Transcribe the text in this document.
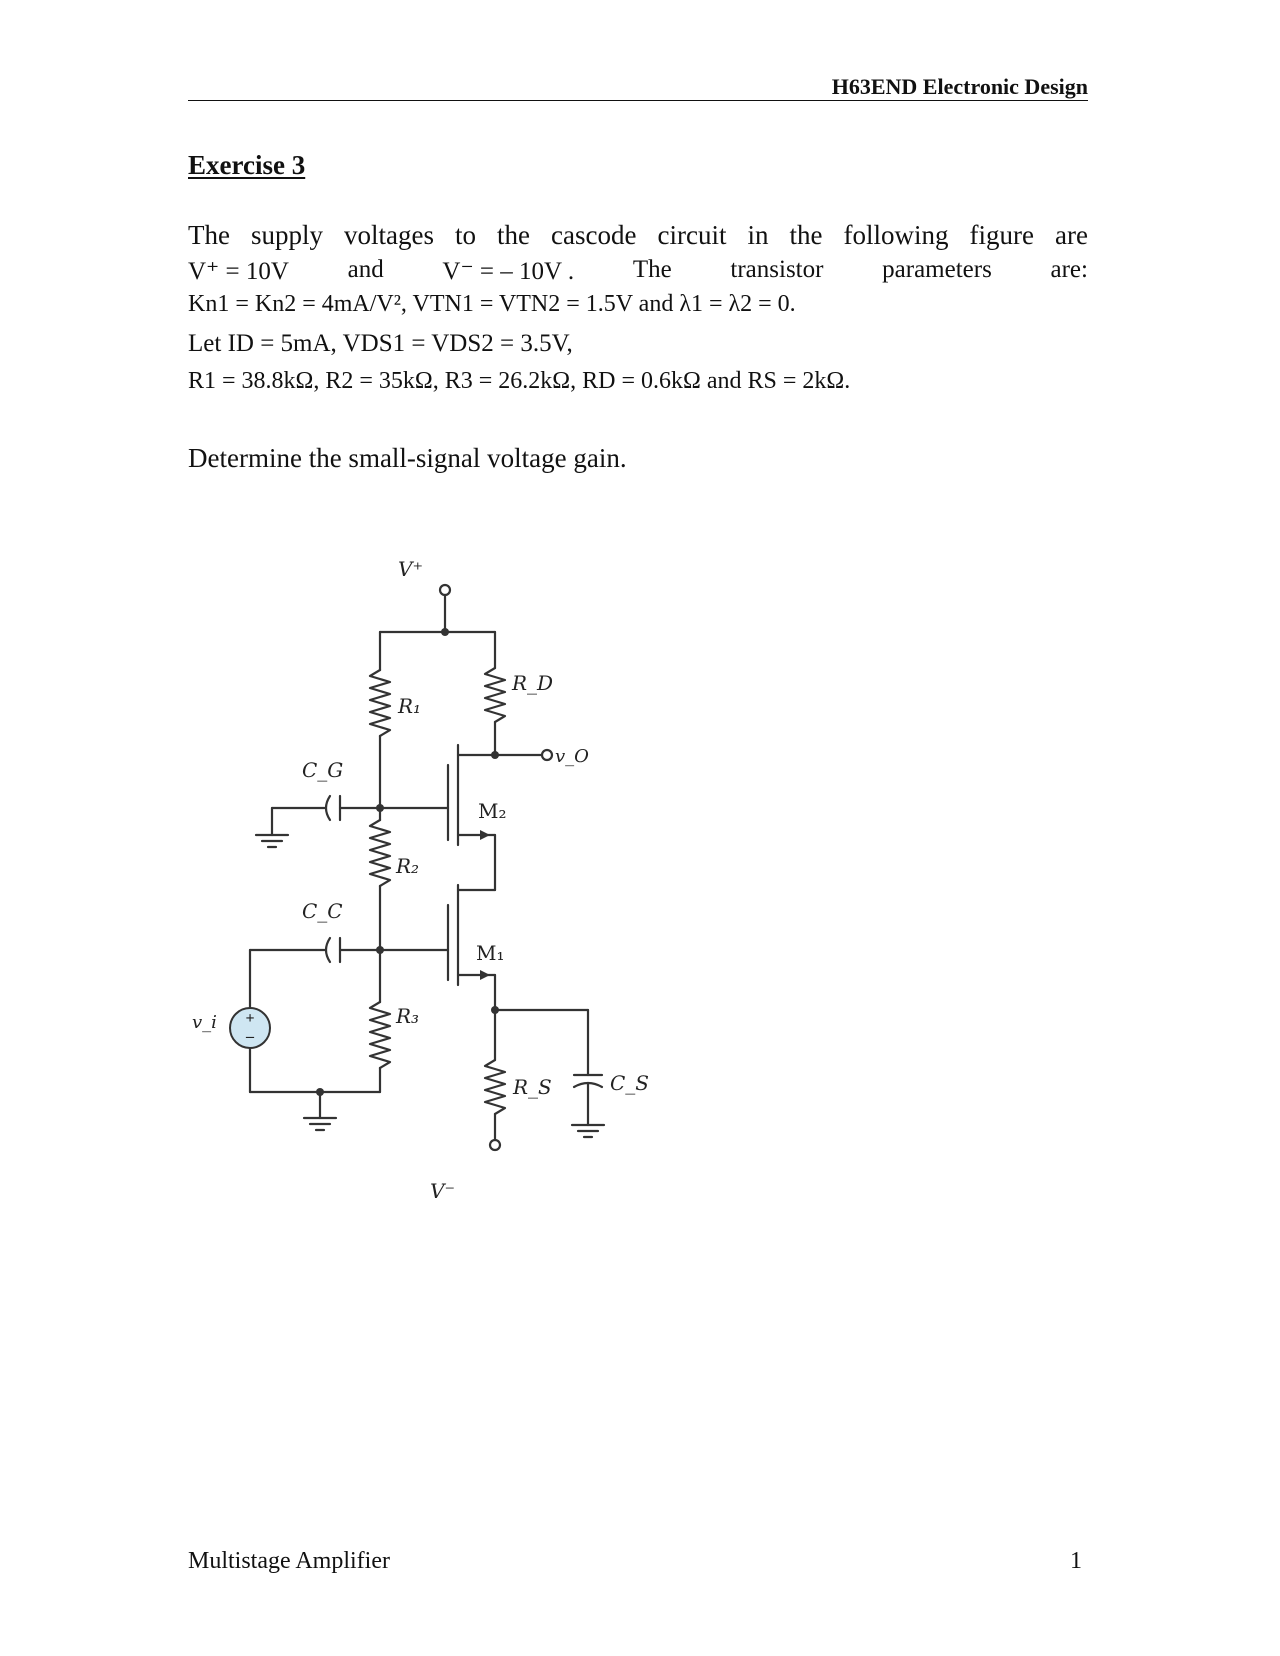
H63END Electronic Design
Exercise 3
The supply voltages to the cascode circuit in the following figure are
V⁺ = 10V and V⁻ = – 10V . The transistor parameters are:
Kn1 = Kn2 = 4mA/V², VTN1 = VTN2 = 1.5V and λ1 = λ2 = 0.
Let ID = 5mA, VDS1 = VDS2 = 3.5V,
R1 = 38.8kΩ, R2 = 35kΩ, R3 = 26.2kΩ, RD = 0.6kΩ and RS = 2kΩ.
Determine the small-signal voltage gain.
+
–
V⁺
V⁻
R₁
R₂
R₃
R_D
R_S
C_G
C_C
C_S
M₂
M₁
v_O
v_i
Multistage Amplifier	1
